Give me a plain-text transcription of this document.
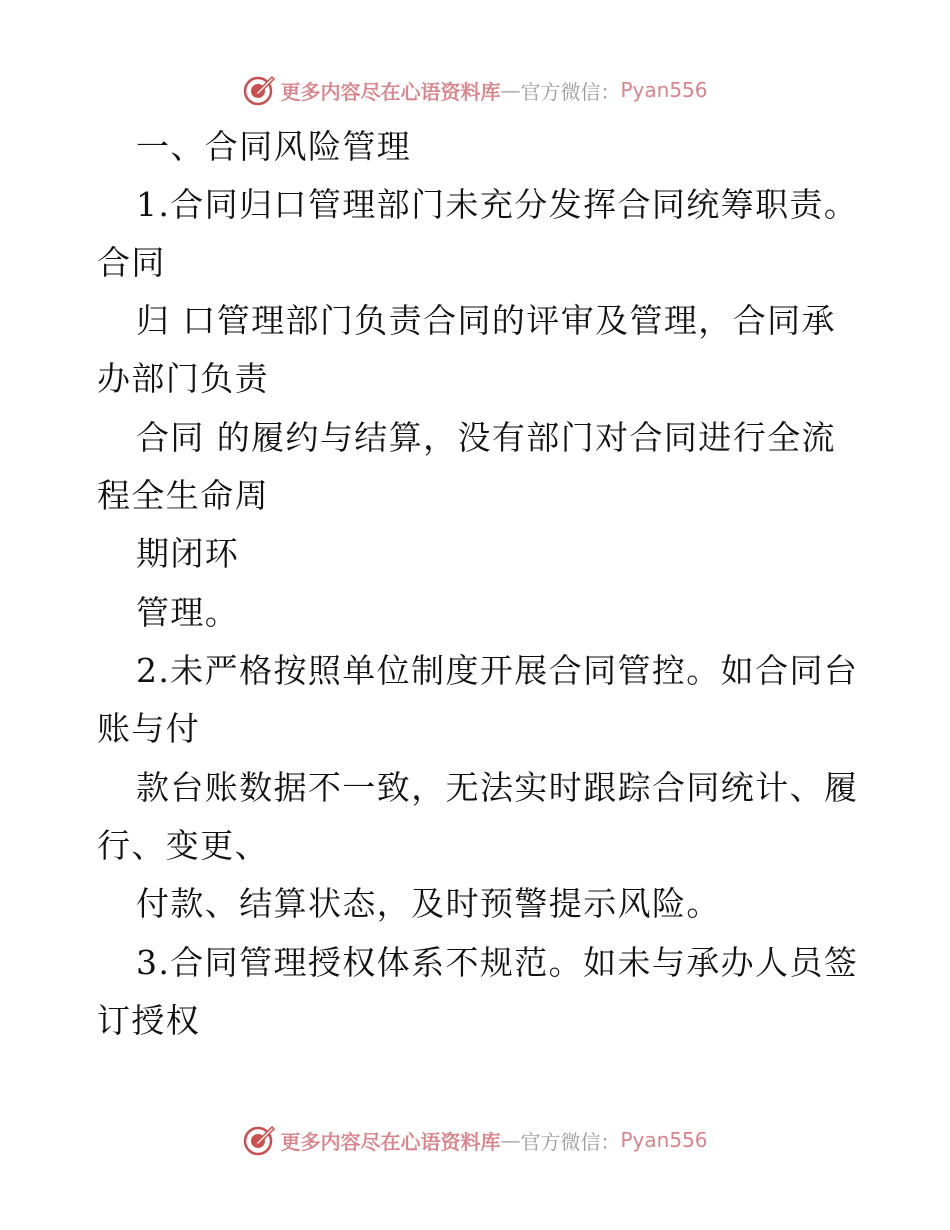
更多内容尽在心语资料库 — 官方微信： Pyan556
一、合同风险管理
1.合同归口管理部门未充分发挥合同统筹职责。
合同
归 口管理部门负责合同的评审及管理，合同承
办部门负责
合同 的履约与结算，没有部门对合同进行全流
程全生命周
期闭环
管理。
2.未严格按照单位制度开展合同管控。如合同台
账与付
款台账数据不一致，无法实时跟踪合同统计、履
行、变更、
付款、结算状态，及时预警提示风险。
3.合同管理授权体系不规范。如未与承办人员签
订授权
更多内容尽在心语资料库 — 官方微信： Pyan556
